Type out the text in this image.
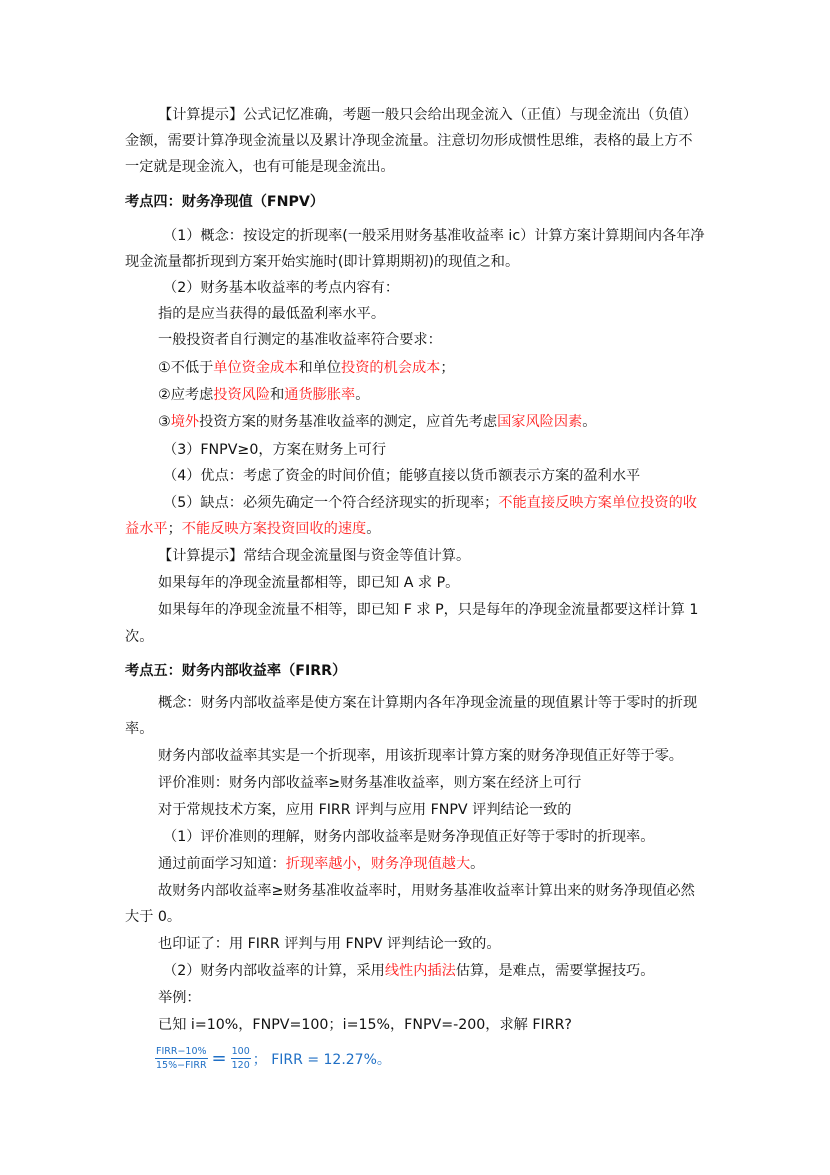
【计算提示】公式记忆准确，考题一般只会给出现金流入（正值）与现金流出（负值）
金额，需要计算净现金流量以及累计净现金流量。注意切勿形成惯性思维，表格的最上方不
一定就是现金流入，也有可能是现金流出。
考点四：财务净现值（FNPV）
（1）概念：按设定的折现率(一般采用财务基准收益率 ic）计算方案计算期间内各年净
现金流量都折现到方案开始实施时(即计算期期初)的现值之和。
（2）财务基本收益率的考点内容有：
指的是应当获得的最低盈利率水平。
一般投资者自行测定的基准收益率符合要求：
①不低于单位资金成本和单位投资的机会成本；
②应考虑投资风险和通货膨胀率。
③境外投资方案的财务基准收益率的测定，应首先考虑国家风险因素。
（3）FNPV≥0，方案在财务上可行
（4）优点：考虑了资金的时间价值；能够直接以货币额表示方案的盈利水平
（5）缺点：必须先确定一个符合经济现实的折现率；不能直接反映方案单位投资的收
益水平；不能反映方案投资回收的速度。
【计算提示】常结合现金流量图与资金等值计算。
如果每年的净现金流量都相等，即已知 A 求 P。
如果每年的净现金流量不相等，即已知 F 求 P，只是每年的净现金流量都要这样计算 1
次。
考点五：财务内部收益率（FIRR）
概念：财务内部收益率是使方案在计算期内各年净现金流量的现值累计等于零时的折现
率。
财务内部收益率其实是一个折现率，用该折现率计算方案的财务净现值正好等于零。
评价准则：财务内部收益率≥财务基准收益率，则方案在经济上可行
对于常规技术方案，应用 FIRR 评判与应用 FNPV 评判结论一致的
（1）评价准则的理解，财务内部收益率是财务净现值正好等于零时的折现率。
通过前面学习知道：折现率越小，财务净现值越大。
故财务内部收益率≥财务基准收益率时，用财务基准收益率计算出来的财务净现值必然
大于 0。
也印证了：用 FIRR 评判与用 FNPV 评判结论一致的。
（2）财务内部收益率的计算，采用线性内插法估算，是难点，需要掌握技巧。
举例：
已知 i=10%，FNPV=100；i=15%，FNPV=-200，求解 FIRR?
$\frac{\text{FIRR−10\%}}{\text{15\%−FIRR}} = \frac{100}{120}$ ； FIRR = 12.27%。
